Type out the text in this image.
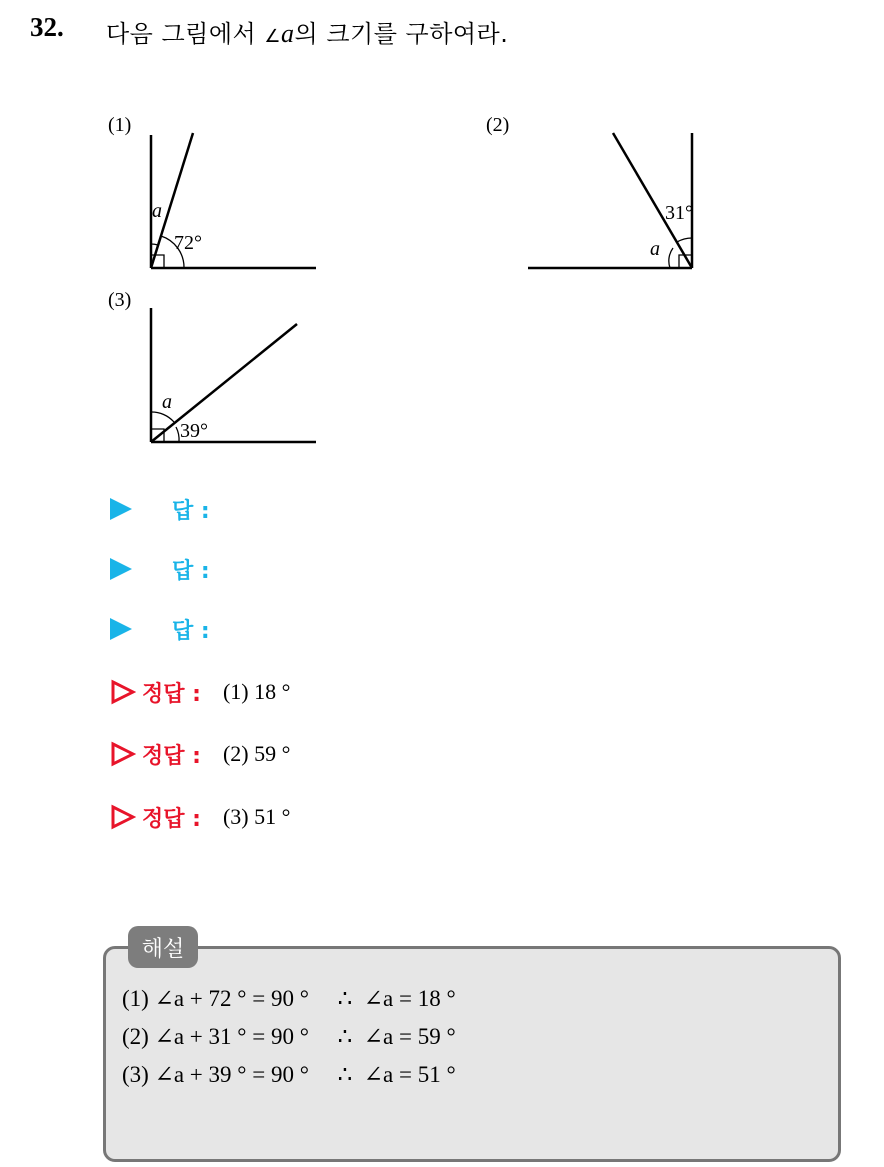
32. 다음 그림에서 ∠a의 크기를 구하여라.
(1)
a
72°
(2)
31°
a
(3)
a
39°
답 :
답 :
답 :
정답 : (1) 18 °
정답 : (2) 59 °
정답 : (3) 51 °
해설
(1) ∠a + 72 ° = 90 °     ∴  ∠a = 18 °
(2) ∠a + 31 ° = 90 °     ∴  ∠a = 59 °
(3) ∠a + 39 ° = 90 °     ∴  ∠a = 51 °
